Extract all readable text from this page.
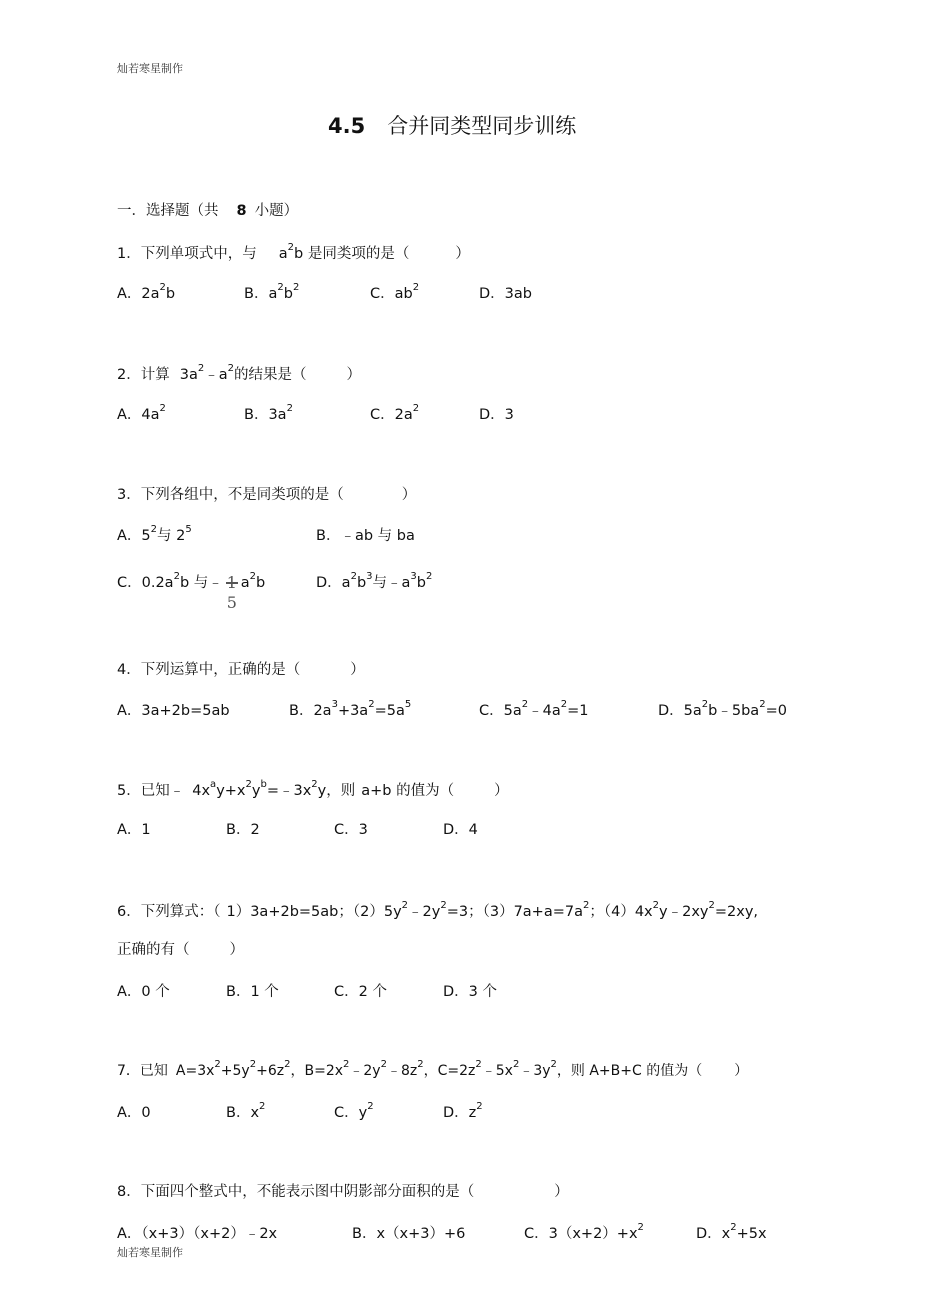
灿若寒星制作
灿若寒星制作
4.5 合并同类型同步训练
一．选择题（共 8 小题）
1．下列单项式中，与 $a^2b$ 是同类项的是（	）
A．$2a^2b$	B．$a^2b^2$	C．$ab^2$	D．3ab
2．计算 $3a^2﹣a^2$的结果是（	）
A．$4a^2$	B．$3a^2$	C．$2a^2$	D．3
3．下列各组中，不是同类项的是（	）
A．$5^2$与 $2^5$	B．﹣ab 与 ba
C．$0.2a^2b$ 与﹣
5
$a^2b$	D．$a^2b^3$与$﹣a^3b^2$
4．下列运算中，正确的是（	）
A．3a+2b=5ab	B．$2a^3+3a^2=5a^5$	C．$5a^2﹣4a^2=1$	D．$5a^2b﹣5ba^2=0$
5．已知﹣ $4x^ay+x^2y^b=﹣3x^2y$，则 a+b 的值为（	）
A．1	B．2	C．3	D．4
6．下列算式：（ 1）3a+2b=5ab；$(2)5y^2﹣2y^2=3$；$(3)7a+a=7a^2$；$(4)4x^2y﹣2xy^2=2xy$,
正确的有（	）
A．0 个	B．1 个	C．2 个	D．3 个
7．已知 $A=3x^2+5y^2+6z^2$，$B=2x^2﹣2y^2﹣8z^2$，$C=2z^2﹣5x^2﹣3y^2$，则 A+B+C 的值为（ ）
A．0	B．$x^2$	C．$y^2$	D．$z^2$
8．下面四个整式中，不能表示图中阴影部分面积的是（	）
A．（x+3）（x+2）﹣2x	B．x（x+3）+6	C．$3(x+2)+x^2$	D．$x^2+5x$
